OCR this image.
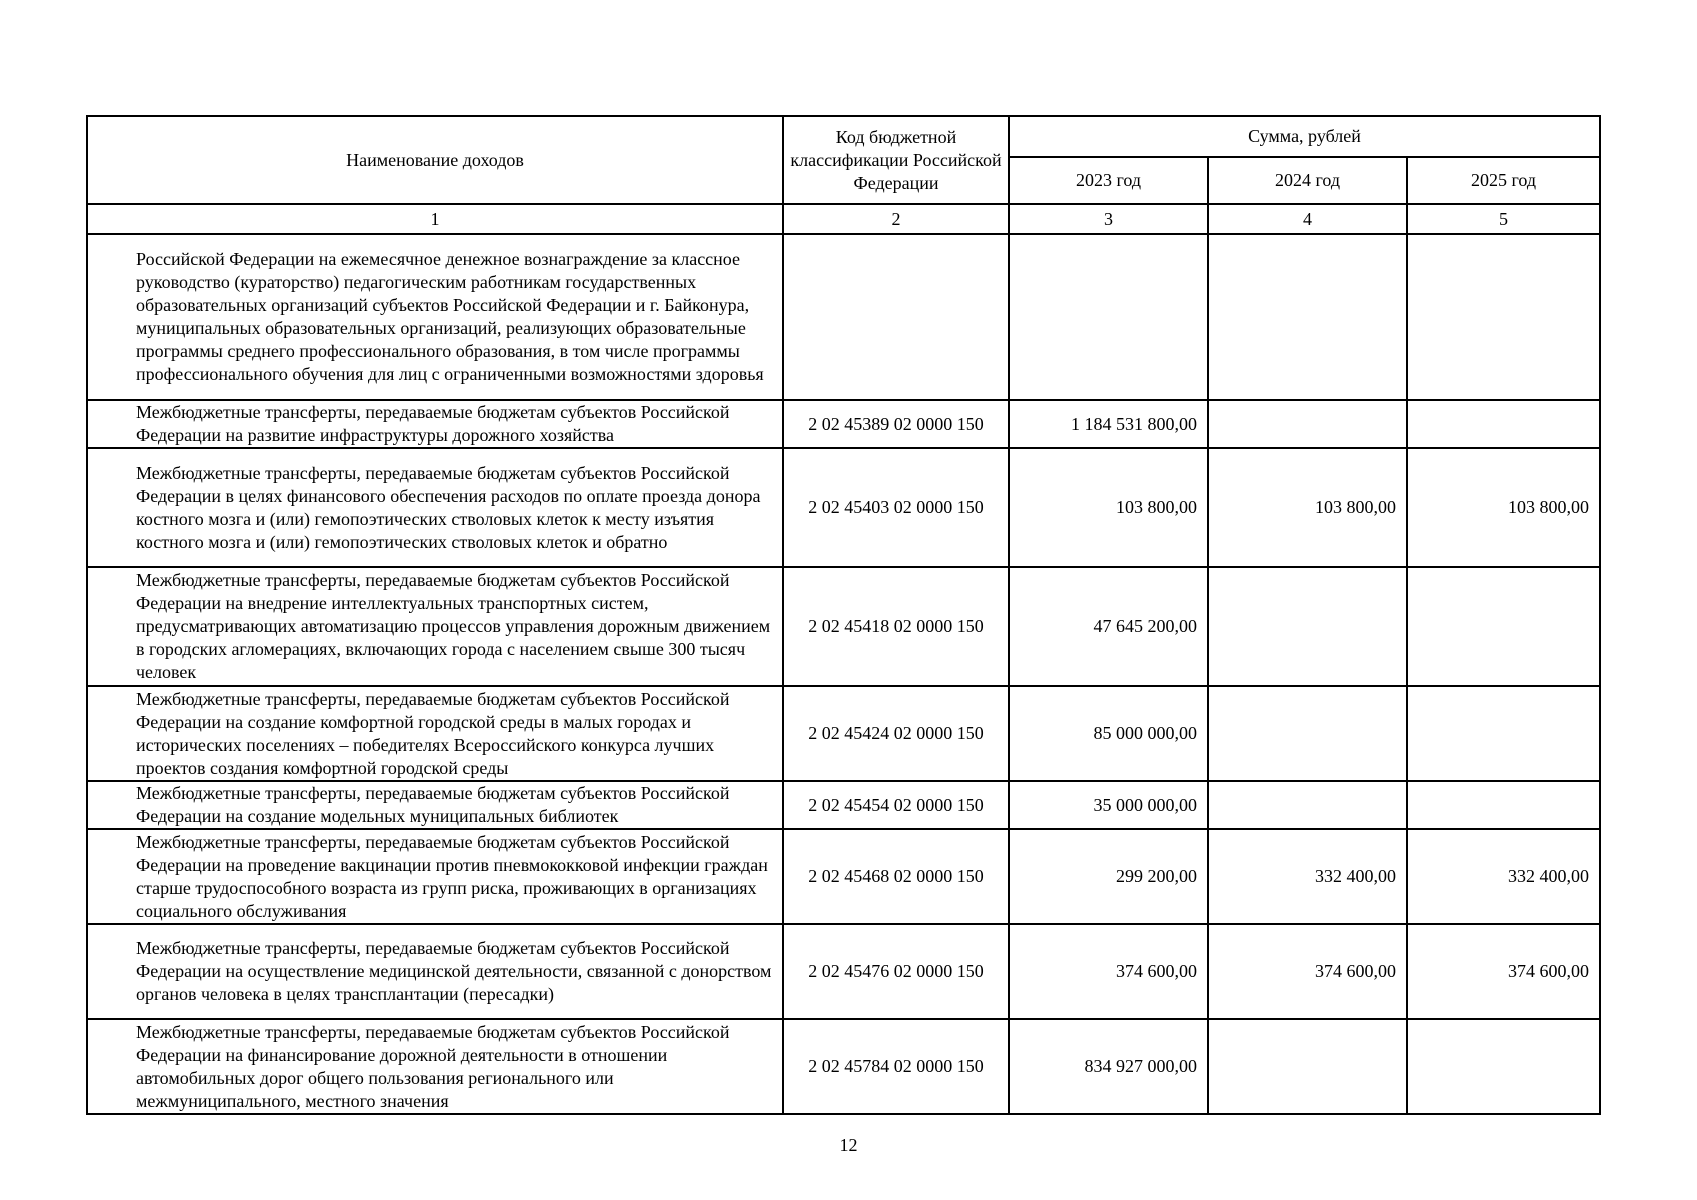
Наименование доходов	Код бюджетной классификации Российской Федерации	Сумма, рублей		
		2023 год	2024 год	2025 год
1	2	3	4	5
Российской Федерации на ежемесячное денежное вознаграждение за классное руководство (кураторство) педагогическим работникам государственных образовательных организаций субъектов Российской Федерации и г. Байконура, муниципальных образовательных организаций, реализующих образовательные программы среднего профессионального образования, в том числе программы профессионального обучения для лиц с ограниченными возможностями здоровья				
Межбюджетные трансферты, передаваемые бюджетам субъектов Российской Федерации на развитие инфраструктуры дорожного хозяйства	2 02 45389 02 0000 150	1 184 531 800,00		
Межбюджетные трансферты, передаваемые бюджетам субъектов Российской Федерации в целях финансового обеспечения расходов по оплате проезда донора костного мозга и (или) гемопоэтических стволовых клеток к месту изъятия костного мозга и (или) гемопоэтических стволовых клеток и обратно	2 02 45403 02 0000 150	103 800,00	103 800,00	103 800,00
Межбюджетные трансферты, передаваемые бюджетам субъектов Российской Федерации на внедрение интеллектуальных транспортных систем, предусматривающих автоматизацию процессов управления дорожным движением в городских агломерациях, включающих города с населением свыше 300 тысяч человек	2 02 45418 02 0000 150	47 645 200,00		
Межбюджетные трансферты, передаваемые бюджетам субъектов Российской Федерации на создание комфортной городской среды в малых городах и исторических поселениях – победителях Всероссийского конкурса лучших проектов создания комфортной городской среды	2 02 45424 02 0000 150	85 000 000,00		
Межбюджетные трансферты, передаваемые бюджетам субъектов Российской Федерации на создание модельных муниципальных библиотек	2 02 45454 02 0000 150	35 000 000,00		
Межбюджетные трансферты, передаваемые бюджетам субъектов Российской Федерации на проведение вакцинации против пневмококковой инфекции граждан старше трудоспособного возраста из групп риска, проживающих в организациях социального обслуживания	2 02 45468 02 0000 150	299 200,00	332 400,00	332 400,00
Межбюджетные трансферты, передаваемые бюджетам субъектов Российской Федерации на осуществление медицинской деятельности, связанной с донорством органов человека в целях трансплантации (пересадки)	2 02 45476 02 0000 150	374 600,00	374 600,00	374 600,00
Межбюджетные трансферты, передаваемые бюджетам субъектов Российской Федерации на финансирование дорожной деятельности в отношении автомобильных дорог общего пользования регионального или межмуниципального, местного значения	2 02 45784 02 0000 150	834 927 000,00		
12
